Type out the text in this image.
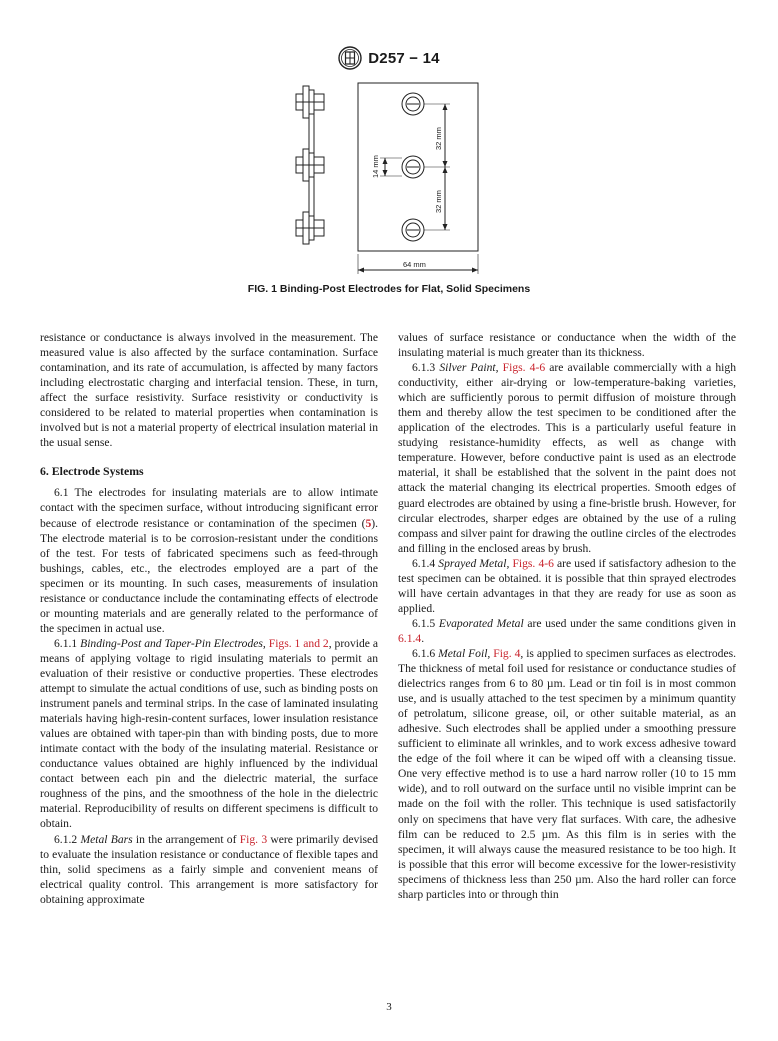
D257 − 14
14 mm
32 mm
32 mm
64 mm
FIG. 1 Binding-Post Electrodes for Flat, Solid Specimens

resistance or conductance is always involved in the measurement. The measured value is also affected by the surface contamination. Surface contamination, and its rate of accumulation, is affected by many factors including electrostatic charging and interfacial tension. These, in turn, affect the surface resistivity. Surface resistivity or conductivity is considered to be related to material properties when contamination is involved but is not a material property of electrical insulation material in the usual sense.

6. Electrode Systems

6.1 The electrodes for insulating materials are to allow intimate contact with the specimen surface, without introducing significant error because of electrode resistance or contamination of the specimen (5). The electrode material is to be corrosion-resistant under the conditions of the test. For tests of fabricated specimens such as feed-through bushings, cables, etc., the electrodes employed are a part of the specimen or its mounting. In such cases, measurements of insulation resistance or conductance include the contaminating effects of electrode or mounting materials and are generally related to the performance of the specimen in actual use.

6.1.1 Binding-Post and Taper-Pin Electrodes, Figs. 1 and 2, provide a means of applying voltage to rigid insulating materials to permit an evaluation of their resistive or conductive properties. These electrodes attempt to simulate the actual conditions of use, such as binding posts on instrument panels and terminal strips. In the case of laminated insulating materials having high-resin-content surfaces, lower insulation resistance values are obtained with taper-pin than with binding posts, due to more intimate contact with the body of the insulating material. Resistance or conductance values obtained are highly influenced by the individual contact between each pin and the dielectric material, the surface roughness of the pins, and the smoothness of the hole in the dielectric material. Reproducibility of results on different specimens is difficult to obtain.

6.1.2 Metal Bars in the arrangement of Fig. 3 were primarily devised to evaluate the insulation resistance or conductance of flexible tapes and thin, solid specimens as a fairly simple and convenient means of electrical quality control. This arrangement is more satisfactory for obtaining approximate

values of surface resistance or conductance when the width of the insulating material is much greater than its thickness.

6.1.3 Silver Paint, Figs. 4-6 are available commercially with a high conductivity, either air-drying or low-temperature-baking varieties, which are sufficiently porous to permit diffusion of moisture through them and thereby allow the test specimen to be conditioned after the application of the electrodes. This is a particularly useful feature in studying resistance-humidity effects, as well as change with temperature. However, before conductive paint is used as an electrode material, it shall be established that the solvent in the paint does not attack the material changing its electrical properties. Smooth edges of guard electrodes are obtained by using a fine-bristle brush. However, for circular electrodes, sharper edges are obtained by the use of a ruling compass and silver paint for drawing the outline circles of the electrodes and filling in the enclosed areas by brush.

6.1.4 Sprayed Metal, Figs. 4-6 are used if satisfactory adhesion to the test specimen can be obtained. it is possible that thin sprayed electrodes will have certain advantages in that they are ready for use as soon as applied.

6.1.5 Evaporated Metal are used under the same conditions given in 6.1.4.

6.1.6 Metal Foil, Fig. 4, is applied to specimen surfaces as electrodes. The thickness of metal foil used for resistance or conductance studies of dielectrics ranges from 6 to 80 µm. Lead or tin foil is in most common use, and is usually attached to the test specimen by a minimum quantity of petrolatum, silicone grease, oil, or other suitable material, as an adhesive. Such electrodes shall be applied under a smoothing pressure sufficient to eliminate all wrinkles, and to work excess adhesive toward the edge of the foil where it can be wiped off with a cleansing tissue. One very effective method is to use a hard narrow roller (10 to 15 mm wide), and to roll outward on the surface until no visible imprint can be made on the foil with the roller. This technique is used satisfactorily only on specimens that have very flat surfaces. With care, the adhesive film can be reduced to 2.5 µm. As this film is in series with the specimen, it will always cause the measured resistance to be too high. It is possible that this error will become excessive for the lower-resistivity specimens of thickness less than 250 µm. Also the hard roller can force sharp particles into or through thin

3
